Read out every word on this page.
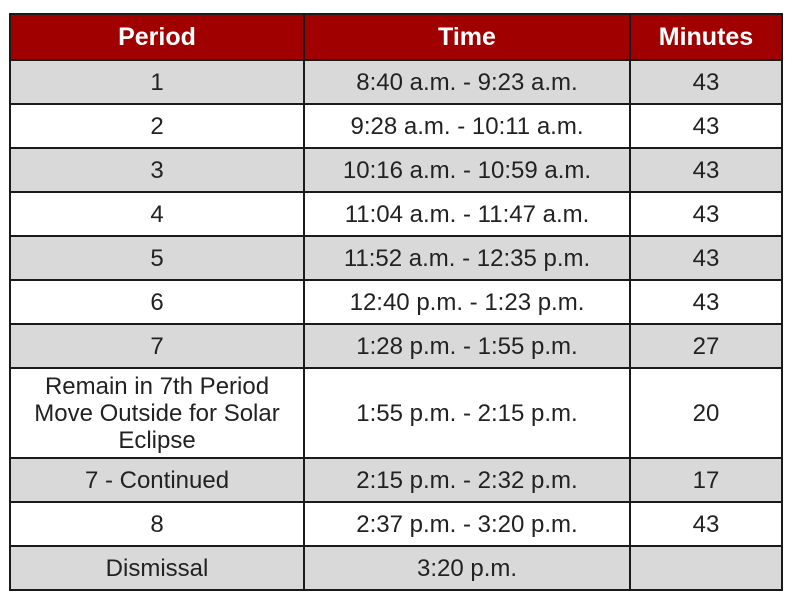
Period	Time	Minutes
1	8:40 a.m. - 9:23 a.m.	43
2	9:28 a.m. - 10:11 a.m.	43
3	10:16 a.m. - 10:59 a.m.	43
4	11:04 a.m. - 11:47 a.m.	43
5	11:52 a.m. - 12:35 p.m.	43
6	12:40 p.m. - 1:23 p.m.	43
7	1:28 p.m. - 1:55 p.m.	27

Remain in 7th Period
Move Outside for Solar
Eclipse	1:55 p.m. - 2:15 p.m.	20
7 - Continued	2:15 p.m. - 2:32 p.m.	17
8	2:37 p.m. - 3:20 p.m.	43
Dismissal	3:20 p.m.	
